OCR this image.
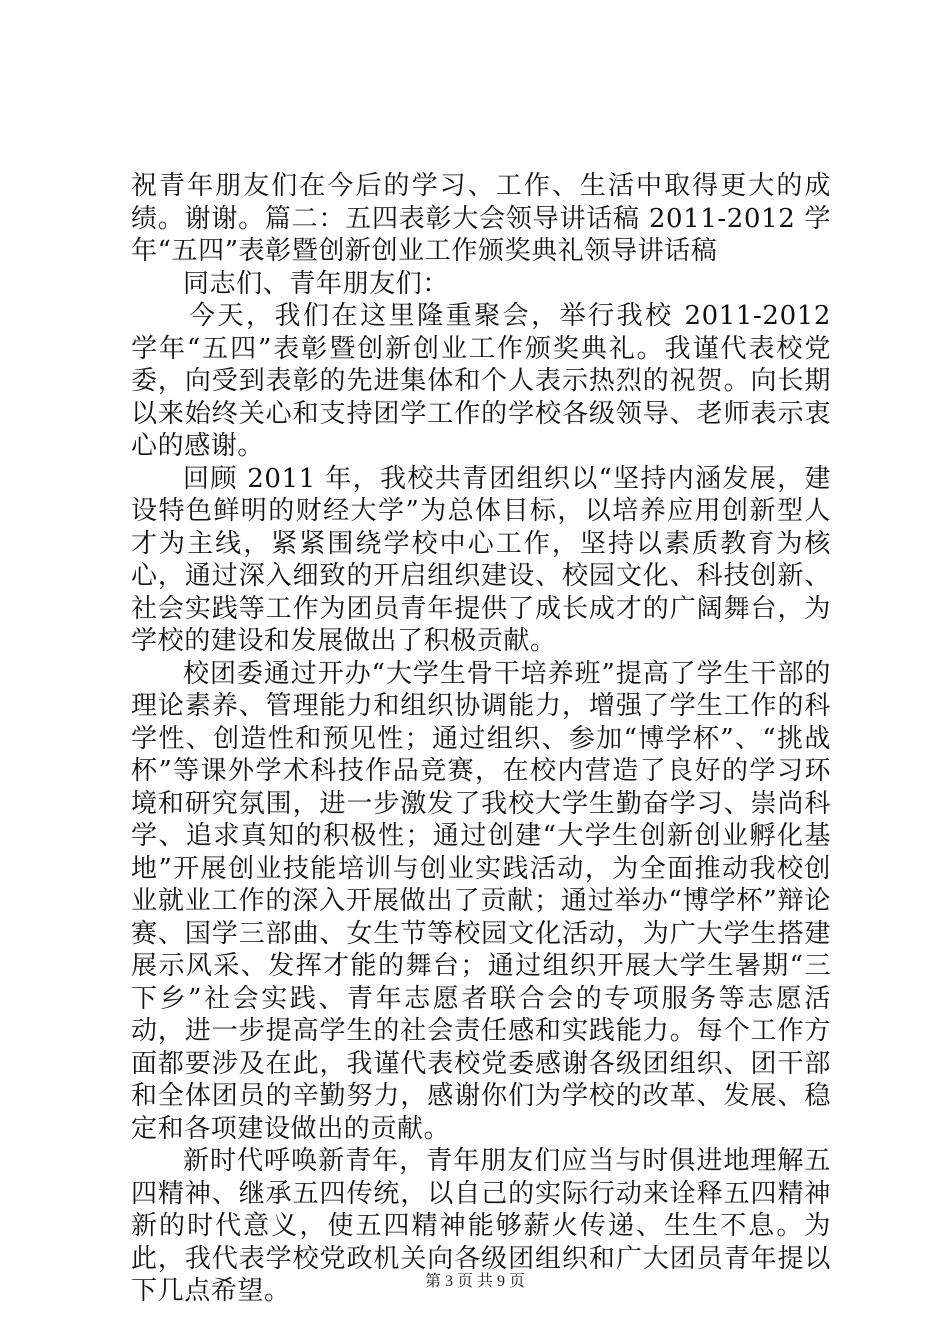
祝青年朋友们在今后的学习、工作、生活中取得更大的成绩。谢谢。篇二：五四表彰大会领导讲话稿 2011-2012 学年“五四”表彰暨创新创业工作颁奖典礼领导讲话稿

同志们、青年朋友们：

今天，我们在这里隆重聚会，举行我校 2011-2012 学年“五四”表彰暨创新创业工作颁奖典礼。我谨代表校党委，向受到表彰的先进集体和个人表示热烈的祝贺。向长期以来始终关心和支持团学工作的学校各级领导、老师表示衷心的感谢。

回顾 2011 年，我校共青团组织以“坚持内涵发展，建设特色鲜明的财经大学”为总体目标，以培养应用创新型人才为主线，紧紧围绕学校中心工作，坚持以素质教育为核心，通过深入细致的开启组织建设、校园文化、科技创新、社会实践等工作为团员青年提供了成长成才的广阔舞台，为学校的建设和发展做出了积极贡献。

校团委通过开办“大学生骨干培养班”提高了学生干部的理论素养、管理能力和组织协调能力，增强了学生工作的科学性、创造性和预见性；通过组织、参加“博学杯”、“挑战杯”等课外学术科技作品竞赛，在校内营造了良好的学习环境和研究氛围，进一步激发了我校大学生勤奋学习、崇尚科学、追求真知的积极性；通过创建“大学生创新创业孵化基地”开展创业技能培训与创业实践活动，为全面推动我校创业就业工作的深入开展做出了贡献；通过举办“博学杯”辩论赛、国学三部曲、女生节等校园文化活动，为广大学生搭建展示风采、发挥才能的舞台；通过组织开展大学生暑期“三下乡”社会实践、青年志愿者联合会的专项服务等志愿活动，进一步提高学生的社会责任感和实践能力。每个工作方面都要涉及在此，我谨代表校党委感谢各级团组织、团干部和全体团员的辛勤努力，感谢你们为学校的改革、发展、稳定和各项建设做出的贡献。

新时代呼唤新青年，青年朋友们应当与时俱进地理解五四精神、继承五四传统，以自己的实际行动来诠释五四精神新的时代意义，使五四精神能够薪火传递、生生不息。为此，我代表学校党政机关向各级团组织和广大团员青年提以下几点希望。	第 3 页 共 9 页
